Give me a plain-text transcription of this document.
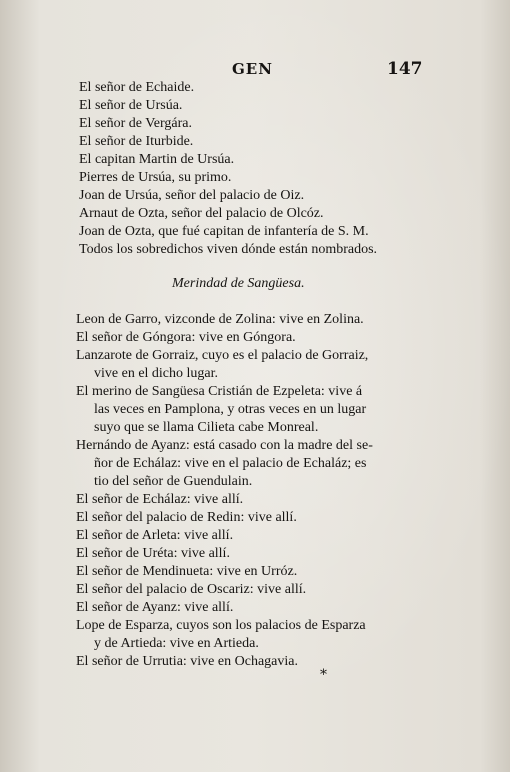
GEN	147
El señor de Echaide.
El señor de Ursúa.
El señor de Vergára.
El señor de Iturbide.
El capitan Martin de Ursúa.
Pierres de Ursúa, su primo.
Joan de Ursúa, señor del palacio de Oiz.
Arnaut de Ozta, señor del palacio de Olcóz.
Joan de Ozta, que fué capitan de infantería de S. M.
Todos los sobredichos viven dónde están nombrados.
Merindad de Sangüesa.
Leon de Garro, vizconde de Zolina: vive en Zolina.
El señor de Góngora: vive en Góngora.
Lanzarote de Gorraiz, cuyo es el palacio de Gorraiz,
vive en el dicho lugar.
El merino de Sangüesa Cristián de Ezpeleta: vive á
las veces en Pamplona, y otras veces en un lugar
suyo que se llama Cilieta cabe Monreal.
Hernándo de Ayanz: está casado con la madre del se-
ñor de Echálaz: vive en el palacio de Echaláz; es
tio del señor de Guendulain.
El señor de Echálaz: vive allí.
El señor del palacio de Redin: vive allí.
El señor de Arleta: vive allí.
El señor de Uréta: vive allí.
El señor de Mendinueta: vive en Urróz.
El señor del palacio de Oscariz: vive allí.
El señor de Ayanz: vive allí.
Lope de Esparza, cuyos son los palacios de Esparza
y de Artieda: vive en Artieda.
El señor de Urrutia: vive en Ochagavia.
*
